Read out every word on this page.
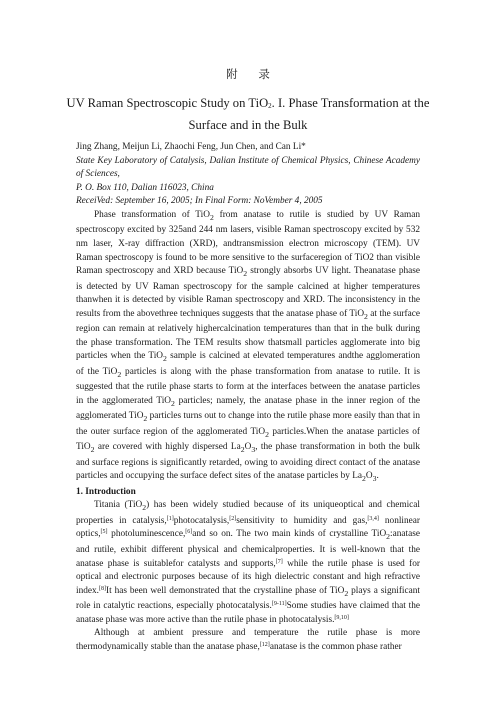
附 录
UV Raman Spectroscopic Study on TiO$_2$. I. Phase Transformation at the Surface and in the Bulk

Jing Zhang, Meijun Li, Zhaochi Feng, Jun Chen, and Can Li*

State Key Laboratory of Catalysis, Dalian Institute of Chemical Physics, Chinese Academy of Sciences,
P. O. Box 110, Dalian 116023, China
ReceiVed: September 16, 2005; In Final Form: NoVember 4, 2005

Phase transformation of TiO$_2$ from anatase to rutile is studied by UV Raman spectroscopy excited by 325and 244 nm lasers, visible Raman spectroscopy excited by 532 nm laser, X-ray diffraction (XRD), andtransmission electron microscopy (TEM). UV Raman spectroscopy is found to be more sensitive to the surfaceregion of TiO2 than visible Raman spectroscopy and XRD because TiO$_2$ strongly absorbs UV light. Theanatase phase is detected by UV Raman spectroscopy for the sample calcined at higher temperatures thanwhen it is detected by visible Raman spectroscopy and XRD. The inconsistency in the results from the abovethree techniques suggests that the anatase phase of TiO$_2$ at the surface region can remain at relatively highercalcination temperatures than that in the bulk during the phase transformation. The TEM results show thatsmall particles agglomerate into big particles when the TiO$_2$ sample is calcined at elevated temperatures andthe agglomeration of the TiO$_2$ particles is along with the phase transformation from anatase to rutile. It is suggested that the rutile phase starts to form at the interfaces between the anatase particles in the agglomerated TiO$_2$ particles; namely, the anatase phase in the inner region of the agglomerated TiO$_2$ particles turns out to change into the rutile phase more easily than that in the outer surface region of the agglomerated TiO$_2$ particles.When the anatase particles of TiO$_2$ are covered with highly dispersed $La_2O_3$, the phase transformation in both the bulk and surface regions is significantly retarded, owing to avoiding direct contact of the anatase particles and occupying the surface defect sites of the anatase particles by $La_2O_3$.

1. Introduction

Titania (TiO$_2$) has been widely studied because of its uniqueoptical and chemical properties in catalysis,[1]photocatalysis,[2]sensitivity to humidity and gas,[3,4] nonlinear optics,[5] photoluminescence,[6]and so on. The two main kinds of crystalline TiO$_2$:anatase and rutile, exhibit different physical and chemicalproperties. It is well-known that the anatase phase is suitablefor catalysts and supports,[7] while the rutile phase is used for optical and electronic purposes because of its high dielectric constant and high refractive index.[8]It has been well demonstrated that the crystalline phase of TiO$_2$ plays a significant role in catalytic reactions, especially photocatalysis.[9-11]Some studies have claimed that the anatase phase was more active than the rutile phase in photocatalysis.[9,10]

Although at ambient pressure and temperature the rutile phase is more thermodynamically stable than the anatase phase,[12]anatase is the common phase rather
